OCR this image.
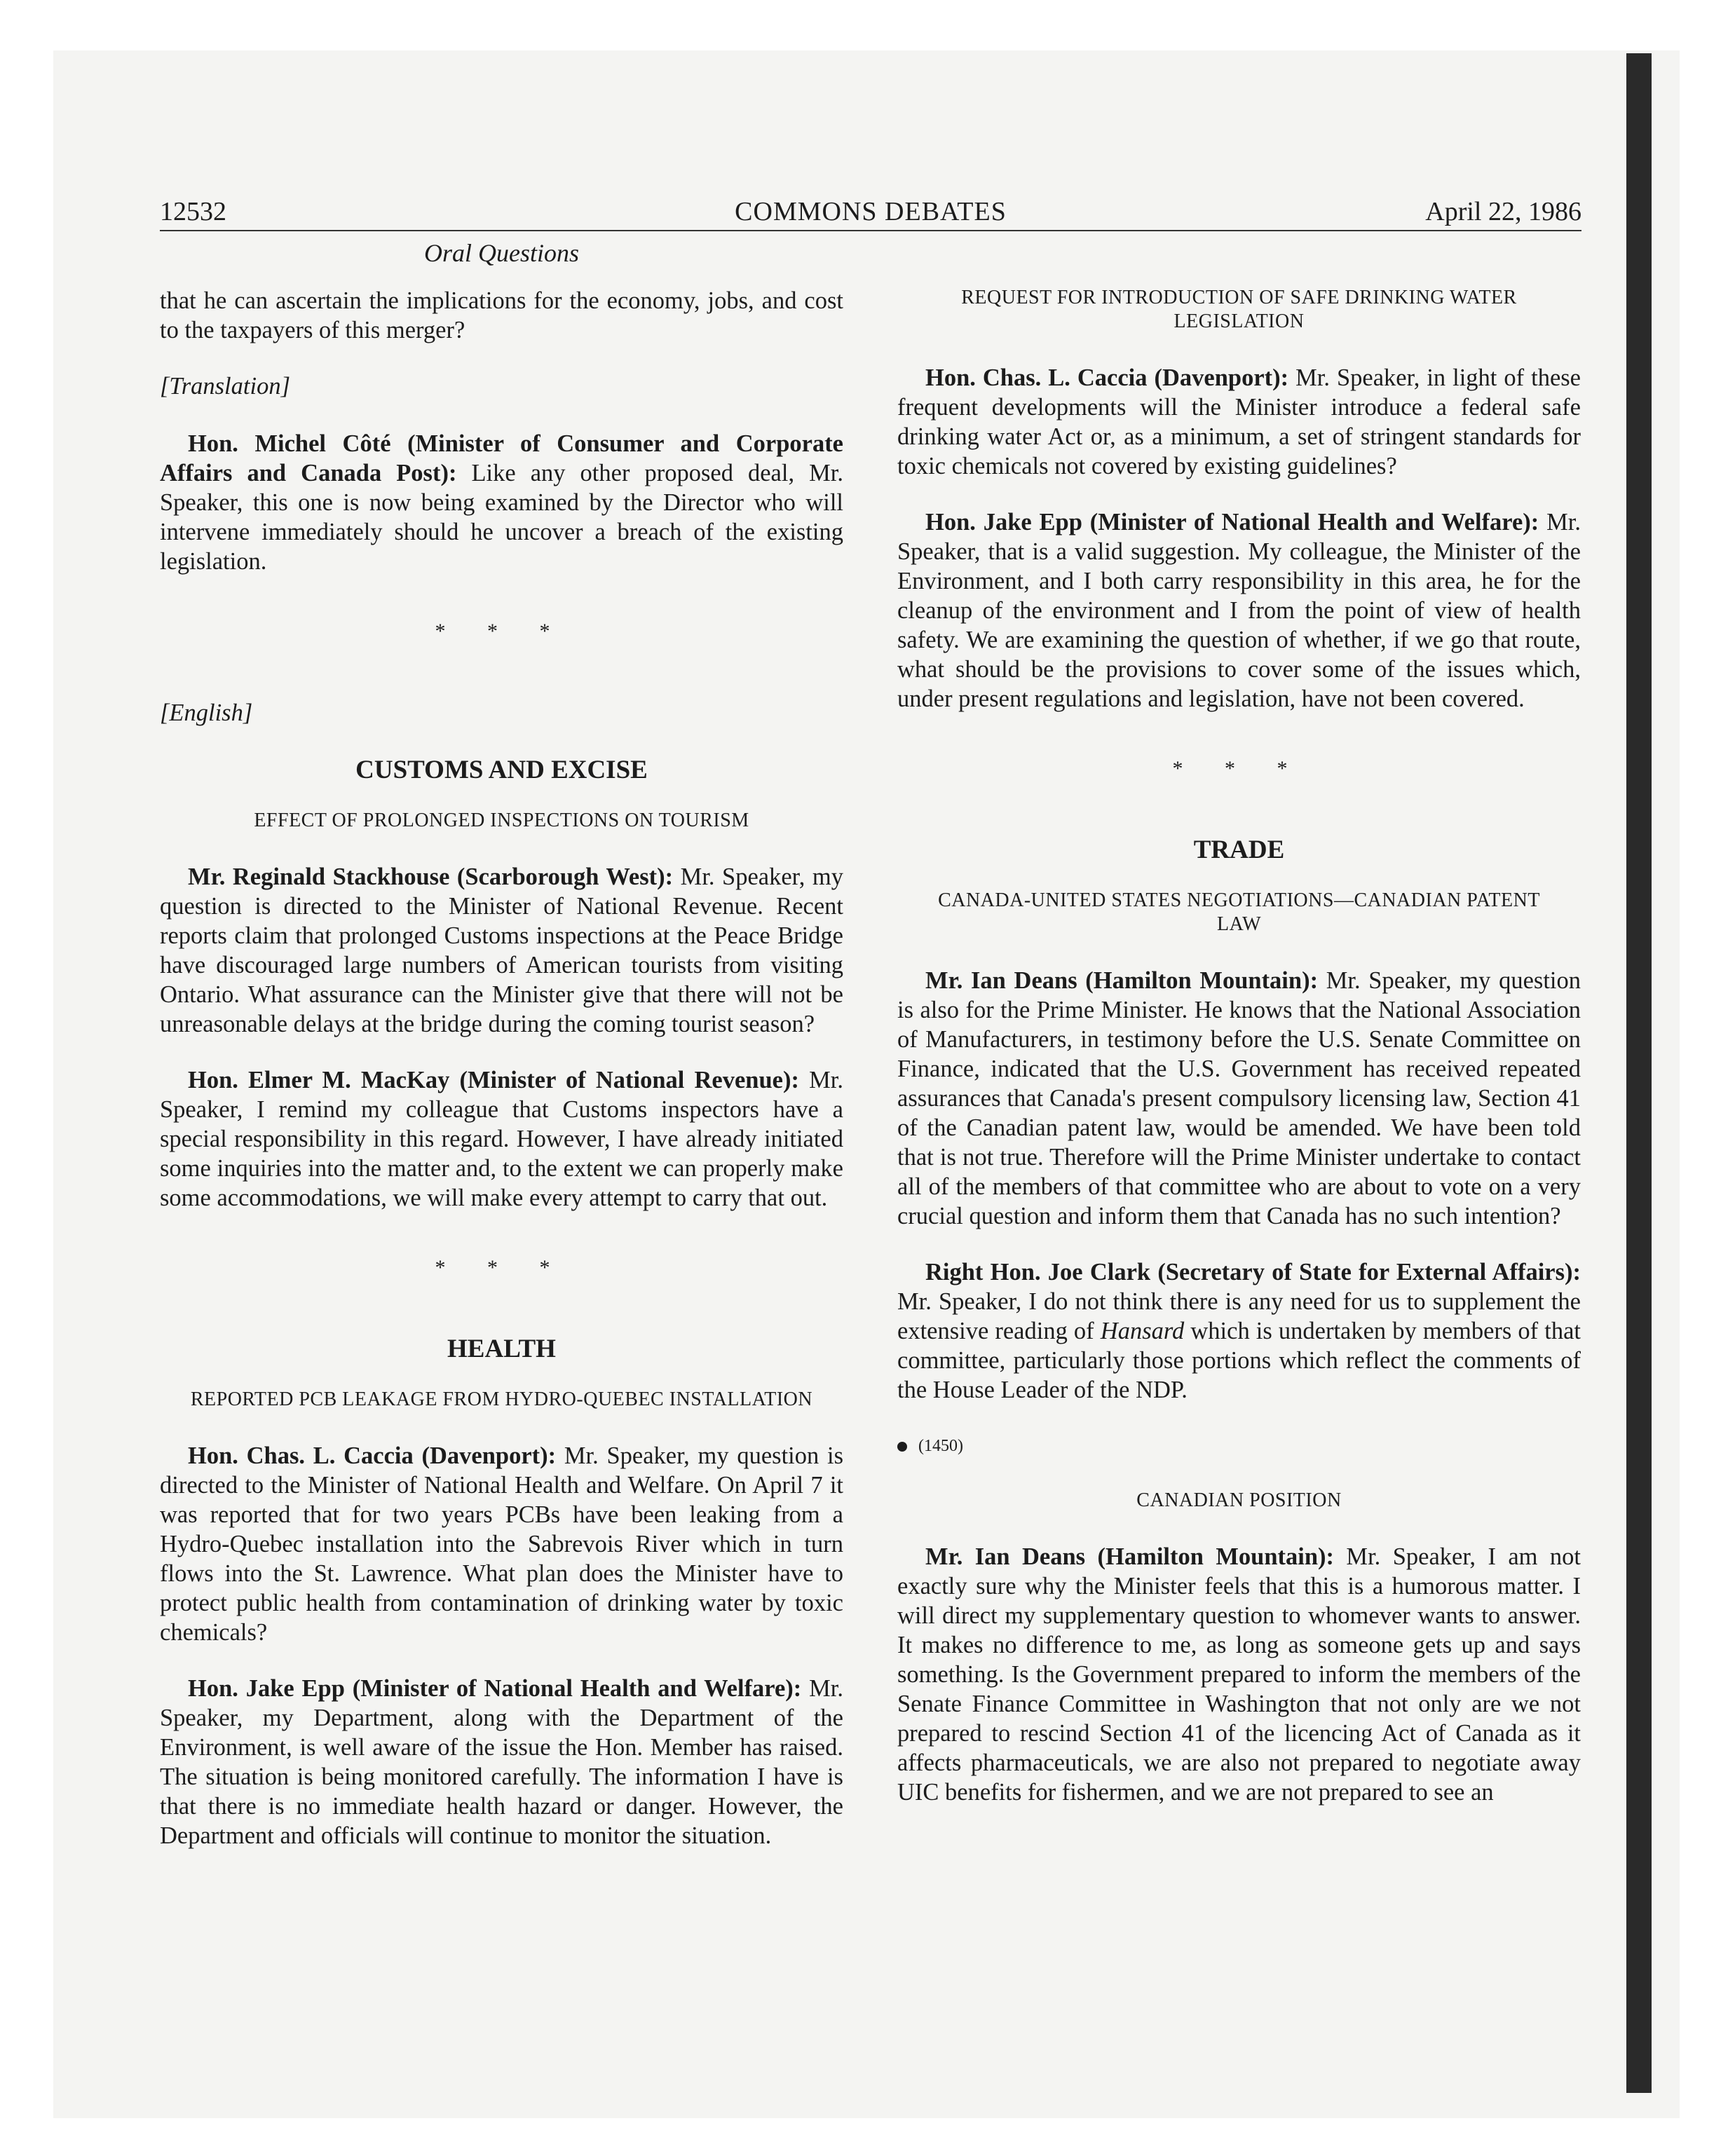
12532	COMMONS DEBATES	April 22, 1986
Oral Questions

that he can ascertain the implications for the economy, jobs, and cost to the taxpayers of this merger?

[Translation]

Hon. Michel Côté (Minister of Consumer and Corporate Affairs and Canada Post): Like any other proposed deal, Mr. Speaker, this one is now being examined by the Director who will intervene immediately should he uncover a breach of the existing legislation.

* * *
[English]
CUSTOMS AND EXCISE
EFFECT OF PROLONGED INSPECTIONS ON TOURISM

Mr. Reginald Stackhouse (Scarborough West): Mr. Speaker, my question is directed to the Minister of National Revenue. Recent reports claim that prolonged Customs inspections at the Peace Bridge have discouraged large numbers of American tourists from visiting Ontario. What assurance can the Minister give that there will not be unreasonable delays at the bridge during the coming tourist season?

Hon. Elmer M. MacKay (Minister of National Revenue): Mr. Speaker, I remind my colleague that Customs inspectors have a special responsibility in this regard. However, I have already initiated some inquiries into the matter and, to the extent we can properly make some accommodations, we will make every attempt to carry that out.

* * *
HEALTH
REPORTED PCB LEAKAGE FROM HYDRO-QUEBEC INSTALLATION

Hon. Chas. L. Caccia (Davenport): Mr. Speaker, my question is directed to the Minister of National Health and Welfare. On April 7 it was reported that for two years PCBs have been leaking from a Hydro-Quebec installation into the Sabrevois River which in turn flows into the St. Lawrence. What plan does the Minister have to protect public health from contamination of drinking water by toxic chemicals?

Hon. Jake Epp (Minister of National Health and Welfare): Mr. Speaker, my Department, along with the Department of the Environment, is well aware of the issue the Hon. Member has raised. The situation is being monitored carefully. The information I have is that there is no immediate health hazard or danger. However, the Department and officials will continue to monitor the situation.

REQUEST FOR INTRODUCTION OF SAFE DRINKING WATER LEGISLATION

Hon. Chas. L. Caccia (Davenport): Mr. Speaker, in light of these frequent developments will the Minister introduce a federal safe drinking water Act or, as a minimum, a set of stringent standards for toxic chemicals not covered by existing guidelines?

Hon. Jake Epp (Minister of National Health and Welfare): Mr. Speaker, that is a valid suggestion. My colleague, the Minister of the Environment, and I both carry responsibility in this area, he for the cleanup of the environment and I from the point of view of health safety. We are examining the question of whether, if we go that route, what should be the provisions to cover some of the issues which, under present regulations and legislation, have not been covered.

* * *
TRADE
CANADA-UNITED STATES NEGOTIATIONS—CANADIAN PATENT LAW

Mr. Ian Deans (Hamilton Mountain): Mr. Speaker, my question is also for the Prime Minister. He knows that the National Association of Manufacturers, in testimony before the U.S. Senate Committee on Finance, indicated that the U.S. Government has received repeated assurances that Canada's present compulsory licensing law, Section 41 of the Canadian patent law, would be amended. We have been told that is not true. Therefore will the Prime Minister undertake to contact all of the members of that committee who are about to vote on a very crucial question and inform them that Canada has no such intention?

Right Hon. Joe Clark (Secretary of State for External Affairs): Mr. Speaker, I do not think there is any need for us to supplement the extensive reading of Hansard which is undertaken by members of that committee, particularly those portions which reflect the comments of the House Leader of the NDP.

(1450)
CANADIAN POSITION

Mr. Ian Deans (Hamilton Mountain): Mr. Speaker, I am not exactly sure why the Minister feels that this is a humorous matter. I will direct my supplementary question to whomever wants to answer. It makes no difference to me, as long as someone gets up and says something. Is the Government prepared to inform the members of the Senate Finance Committee in Washington that not only are we not prepared to rescind Section 41 of the licencing Act of Canada as it affects pharmaceuticals, we are also not prepared to negotiate away UIC benefits for fishermen, and we are not prepared to see an
